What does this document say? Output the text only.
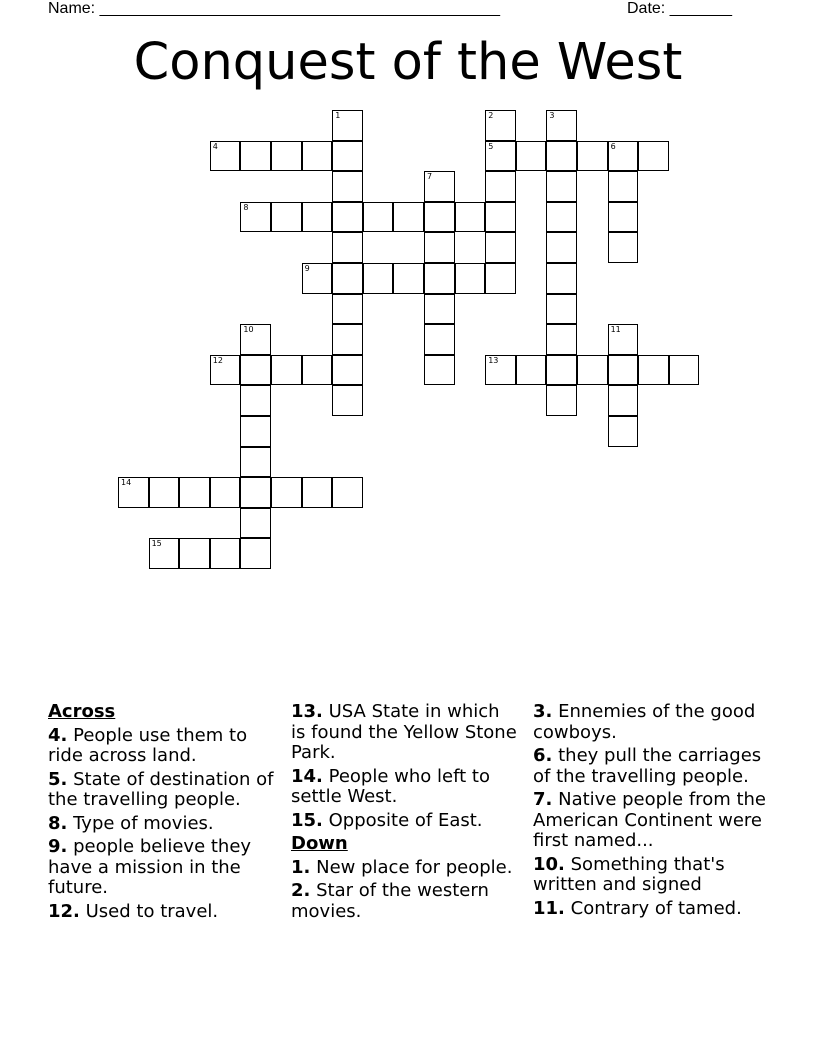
Name: _____________________________________________	Date: _______
Conquest of the West
1	2
5
3
4	6
7
8
9
10	11
12	13
14
15
Across
4. People use them to ride across land.
5. State of destination of the travelling people.
8. Type of movies.
9. people believe they have a mission in the future.
12. Used to travel.
13. USA State in which is found the Yellow Stone Park.
14. People who left to settle West.
15. Opposite of East.
Down
1. New place for people.
2. Star of the western movies.
3. Ennemies of the good cowboys.
6. they pull the carriages of the travelling people.
7. Native people from the American Continent were first named...
10. Something that's written and signed
11. Contrary of tamed.
